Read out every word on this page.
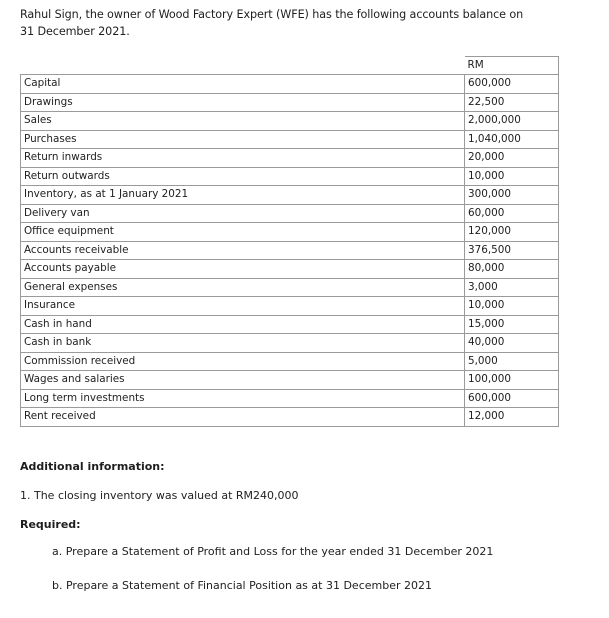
Rahul Sign, the owner of Wood Factory Expert (WFE) has the following accounts balance on
31 December 2021.
	RM
Capital	600,000
Drawings	22,500
Sales	2,000,000
Purchases	1,040,000
Return inwards	20,000
Return outwards	10,000
Inventory, as at 1 January 2021	300,000
Delivery van	60,000
Office equipment	120,000
Accounts receivable	376,500
Accounts payable	80,000
General expenses	3,000
Insurance	10,000
Cash in hand	15,000
Cash in bank	40,000
Commission received	5,000
Wages and salaries	100,000
Long term investments	600,000
Rent received	12,000
Additional information:
1. The closing inventory was valued at RM240,000
Required:
a. Prepare a Statement of Profit and Loss for the year ended 31 December 2021
b. Prepare a Statement of Financial Position as at 31 December 2021
